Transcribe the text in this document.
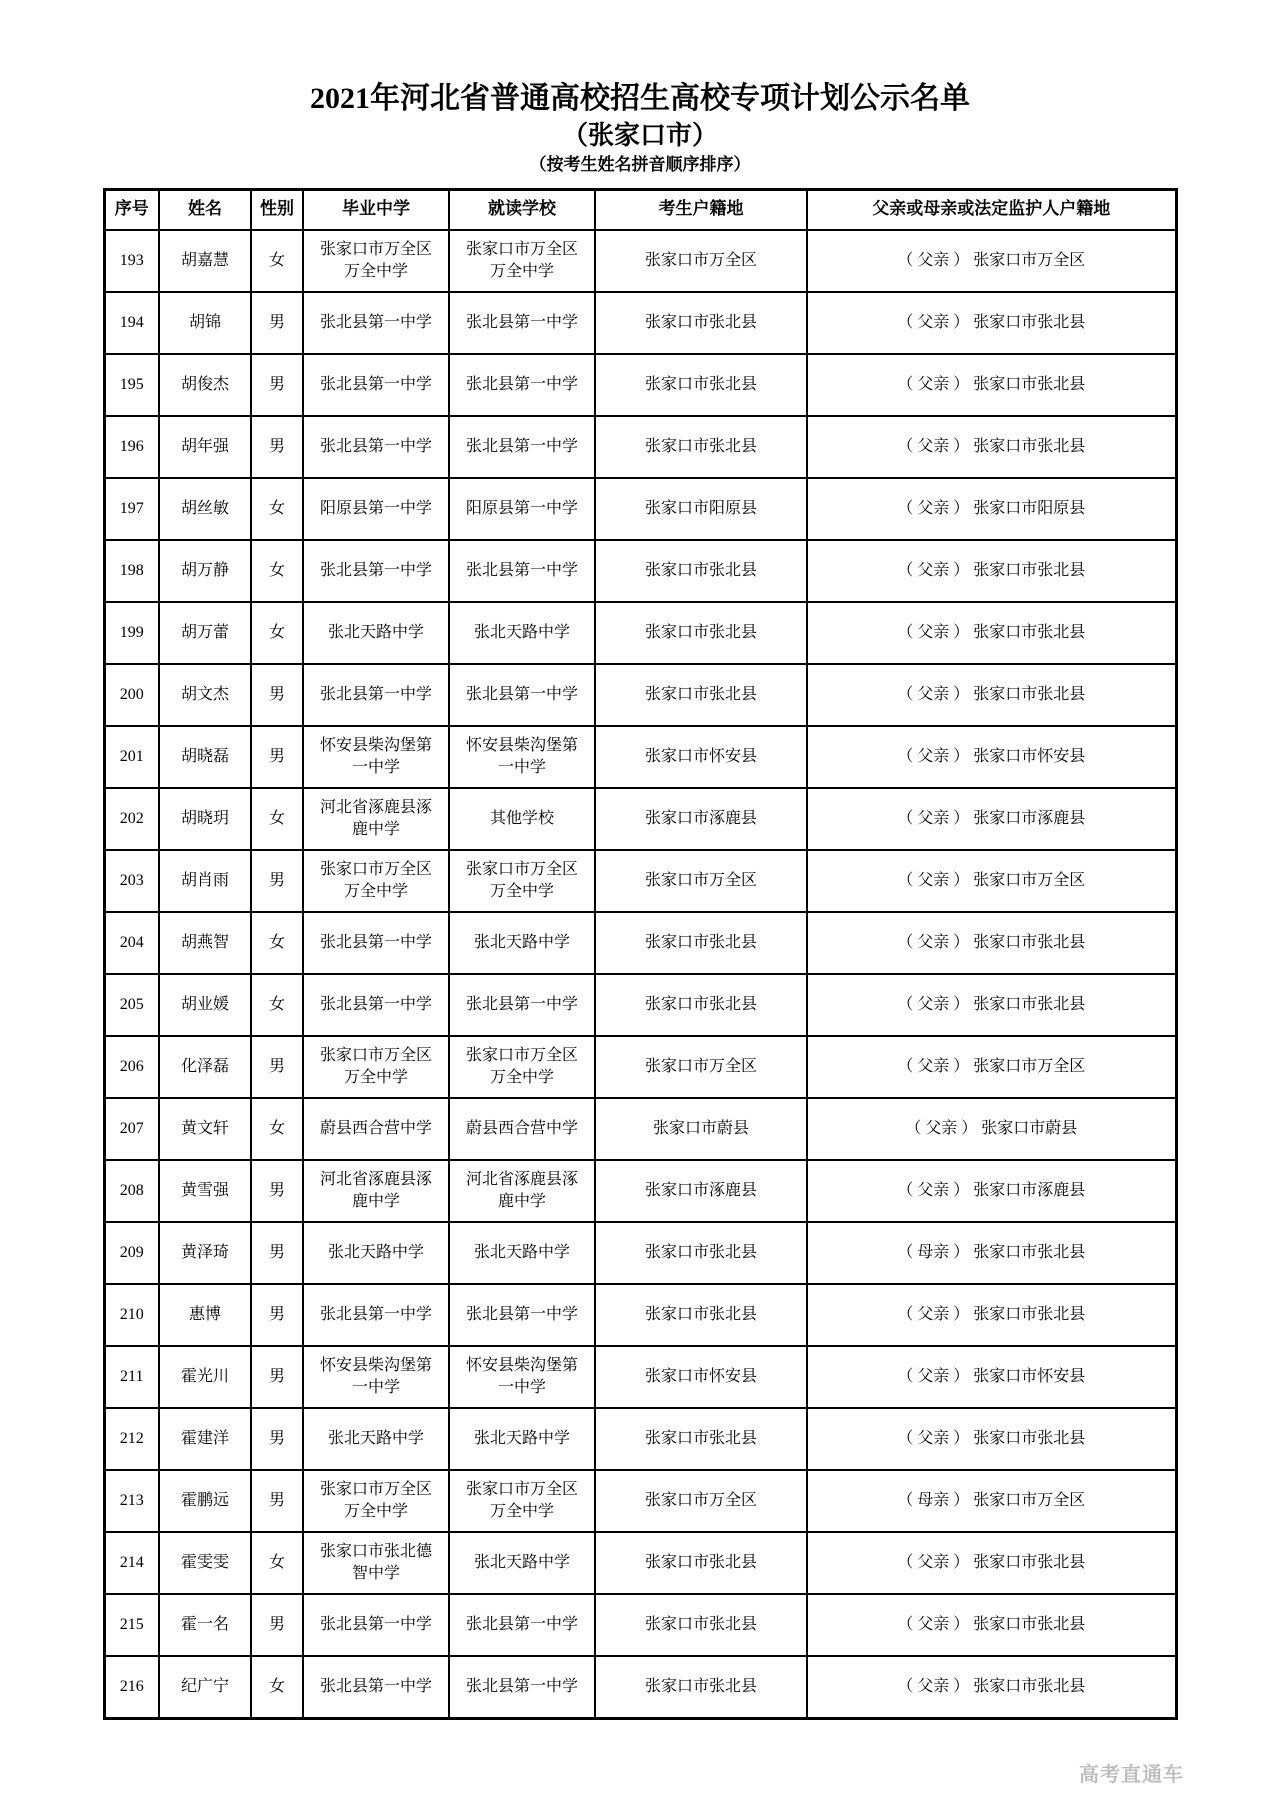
2021年河北省普通高校招生高校专项计划公示名单
（张家口市）
（按考生姓名拼音顺序排序）
序号	姓名	性别	毕业中学	就读学校	考生户籍地	父亲或母亲或法定监护人户籍地
193	胡嘉慧	女	张家口市万全区万全中学	张家口市万全区万全中学	张家口市万全区	（ 父亲 ） 张家口市万全区
194	胡锦	男	张北县第一中学	张北县第一中学	张家口市张北县	（ 父亲 ） 张家口市张北县
195	胡俊杰	男	张北县第一中学	张北县第一中学	张家口市张北县	（ 父亲 ） 张家口市张北县
196	胡年强	男	张北县第一中学	张北县第一中学	张家口市张北县	（ 父亲 ） 张家口市张北县
197	胡丝敏	女	阳原县第一中学	阳原县第一中学	张家口市阳原县	（ 父亲 ） 张家口市阳原县
198	胡万静	女	张北县第一中学	张北县第一中学	张家口市张北县	（ 父亲 ） 张家口市张北县
199	胡万蕾	女	张北天路中学	张北天路中学	张家口市张北县	（ 父亲 ） 张家口市张北县
200	胡文杰	男	张北县第一中学	张北县第一中学	张家口市张北县	（ 父亲 ） 张家口市张北县
201	胡晓磊	男	怀安县柴沟堡第一中学	怀安县柴沟堡第一中学	张家口市怀安县	（ 父亲 ） 张家口市怀安县
202	胡晓玥	女	河北省涿鹿县涿鹿中学	其他学校	张家口市涿鹿县	（ 父亲 ） 张家口市涿鹿县
203	胡肖雨	男	张家口市万全区万全中学	张家口市万全区万全中学	张家口市万全区	（ 父亲 ） 张家口市万全区
204	胡燕智	女	张北县第一中学	张北天路中学	张家口市张北县	（ 父亲 ） 张家口市张北县
205	胡业媛	女	张北县第一中学	张北县第一中学	张家口市张北县	（ 父亲 ） 张家口市张北县
206	化泽磊	男	张家口市万全区万全中学	张家口市万全区万全中学	张家口市万全区	（ 父亲 ） 张家口市万全区
207	黄文轩	女	蔚县西合营中学	蔚县西合营中学	张家口市蔚县	（ 父亲 ） 张家口市蔚县
208	黄雪强	男	河北省涿鹿县涿鹿中学	河北省涿鹿县涿鹿中学	张家口市涿鹿县	（ 父亲 ） 张家口市涿鹿县
209	黄泽琦	男	张北天路中学	张北天路中学	张家口市张北县	（ 母亲 ） 张家口市张北县
210	惠博	男	张北县第一中学	张北县第一中学	张家口市张北县	（ 父亲 ） 张家口市张北县
211	霍光川	男	怀安县柴沟堡第一中学	怀安县柴沟堡第一中学	张家口市怀安县	（ 父亲 ） 张家口市怀安县
212	霍建洋	男	张北天路中学	张北天路中学	张家口市张北县	（ 父亲 ） 张家口市张北县
213	霍鹏远	男	张家口市万全区万全中学	张家口市万全区万全中学	张家口市万全区	（ 母亲 ） 张家口市万全区
214	霍雯雯	女	张家口市张北德智中学	张北天路中学	张家口市张北县	（ 父亲 ） 张家口市张北县
215	霍一名	男	张北县第一中学	张北县第一中学	张家口市张北县	（ 父亲 ） 张家口市张北县
216	纪广宁	女	张北县第一中学	张北县第一中学	张家口市张北县	（ 父亲 ） 张家口市张北县
高考直通车
